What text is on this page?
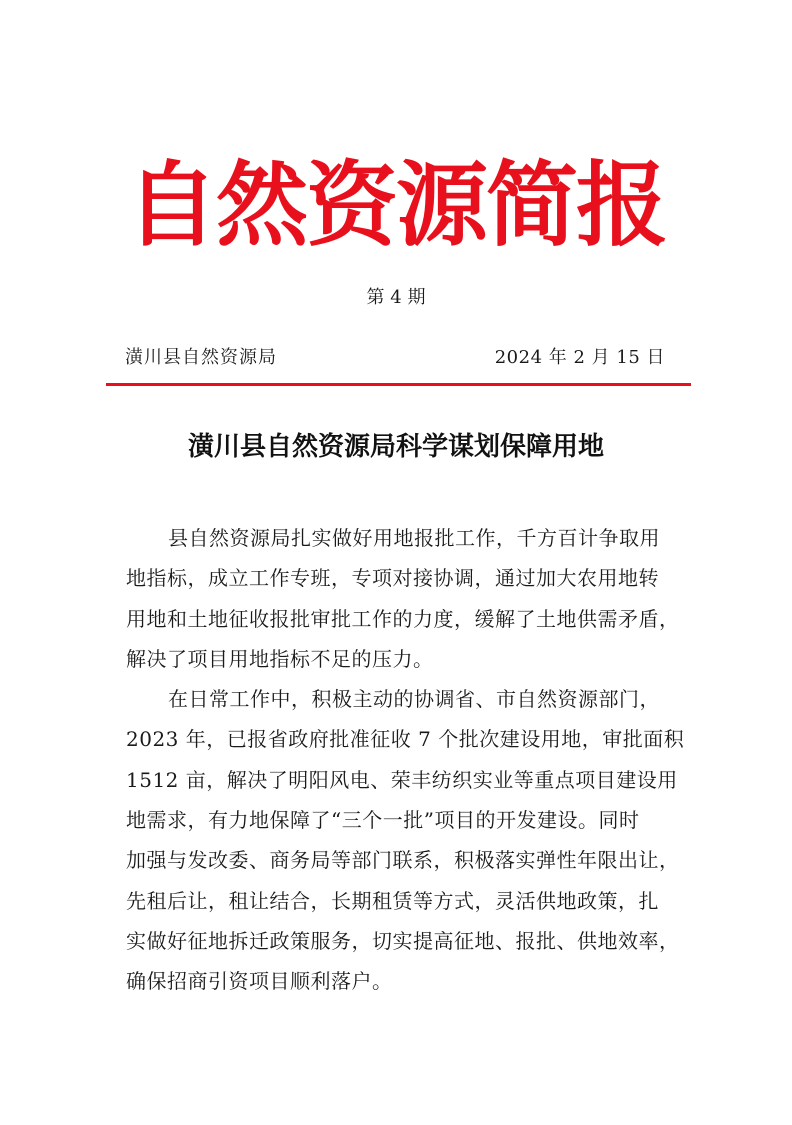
自然资源简报
第 4 期
潢川县自然资源局	2024 年 2 月 15 日
潢川县自然资源局科学谋划保障用地
县自然资源局扎实做好用地报批工作，千方百计争取用
地指标，成立工作专班，专项对接协调，通过加大农用地转
用地和土地征收报批审批工作的力度，缓解了土地供需矛盾，
解决了项目用地指标不足的压力。
在日常工作中，积极主动的协调省、市自然资源部门，
2023 年，已报省政府批准征收 7 个批次建设用地，审批面积
1512 亩，解决了明阳风电、荣丰纺织实业等重点项目建设用
地需求，有力地保障了“三个一批”项目的开发建设。同时
加强与发改委、商务局等部门联系，积极落实弹性年限出让，
先租后让，租让结合，长期租赁等方式，灵活供地政策，扎
实做好征地拆迁政策服务，切实提高征地、报批、供地效率，
确保招商引资项目顺利落户。
